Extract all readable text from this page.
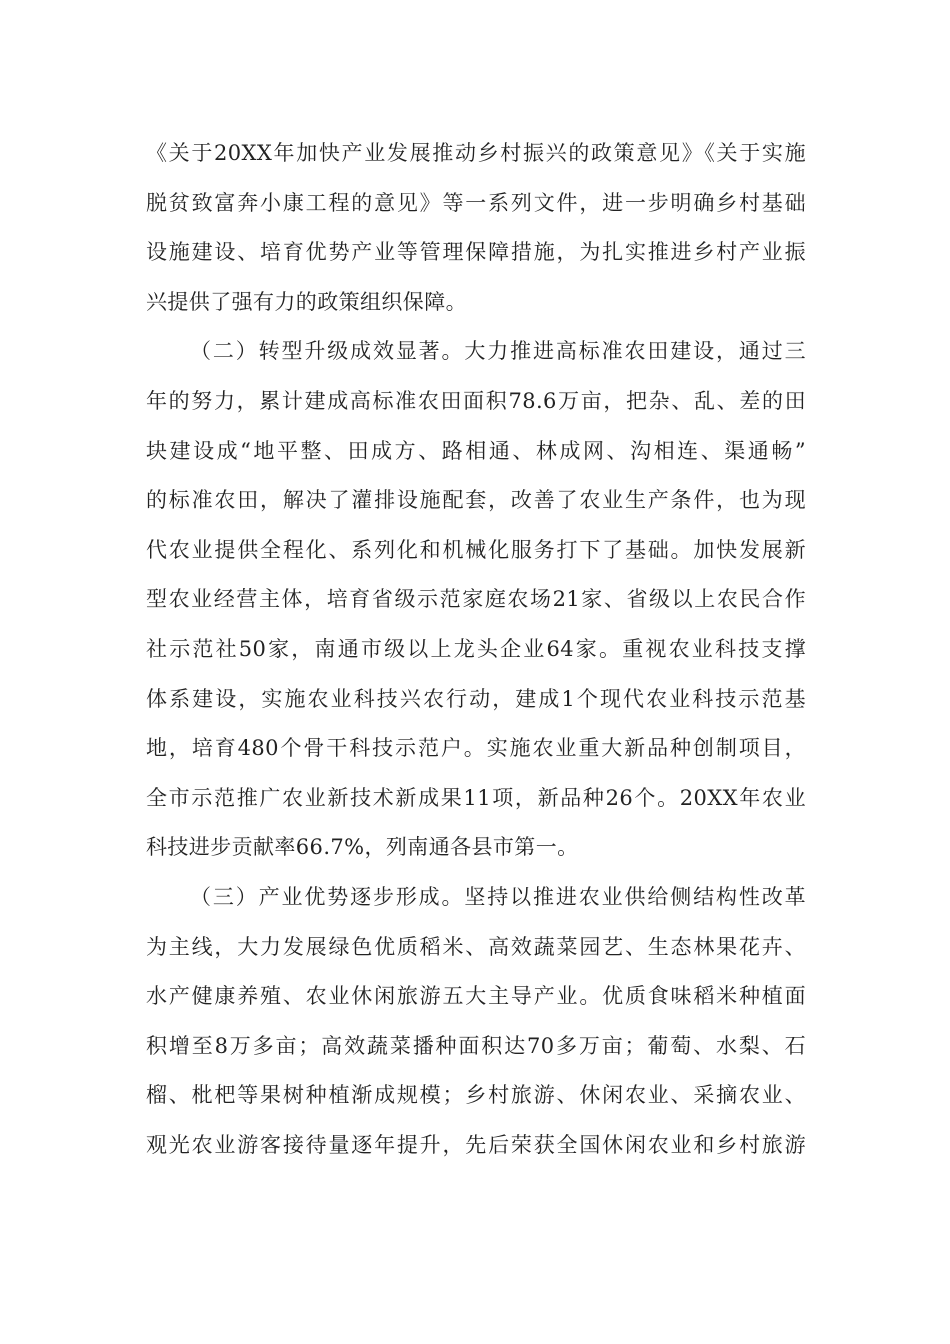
《关于20XX年加快产业发展推动乡村振兴的政策意见》《关于实施
脱贫致富奔小康工程的意见》等一系列文件，进一步明确乡村基础
设施建设、培育优势产业等管理保障措施，为扎实推进乡村产业振
兴提供了强有力的政策组织保障。
（二）转型升级成效显著。大力推进高标准农田建设，通过三
年的努力，累计建成高标准农田面积78.6万亩，把杂、乱、差的田
块建设成“地平整、田成方、路相通、林成网、沟相连、渠通畅”
的标准农田，解决了灌排设施配套，改善了农业生产条件，也为现
代农业提供全程化、系列化和机械化服务打下了基础。加快发展新
型农业经营主体，培育省级示范家庭农场21家、省级以上农民合作
社示范社50家，南通市级以上龙头企业64家。重视农业科技支撑
体系建设，实施农业科技兴农行动，建成1个现代农业科技示范基
地，培育480个骨干科技示范户。实施农业重大新品种创制项目，
全市示范推广农业新技术新成果11项，新品种26个。20XX年农业
科技进步贡献率66.7%，列南通各县市第一。
（三）产业优势逐步形成。坚持以推进农业供给侧结构性改革
为主线，大力发展绿色优质稻米、高效蔬菜园艺、生态林果花卉、
水产健康养殖、农业休闲旅游五大主导产业。优质食味稻米种植面
积增至8万多亩；高效蔬菜播种面积达70多万亩；葡萄、水梨、石
榴、枇杷等果树种植渐成规模；乡村旅游、休闲农业、采摘农业、
观光农业游客接待量逐年提升，先后荣获全国休闲农业和乡村旅游
